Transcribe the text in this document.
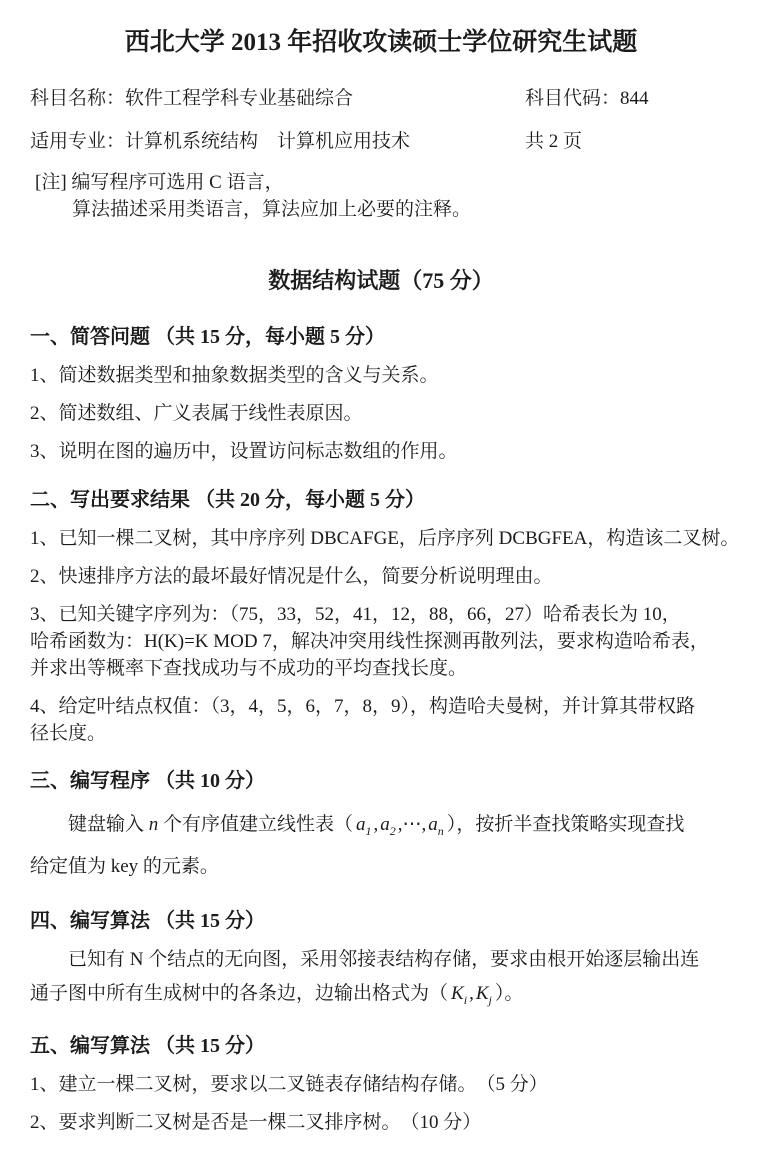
西北大学 2013 年招收攻读硕士学位研究生试题
科目名称：软件工程学科专业基础综合	科目代码：844
适用专业：计算机系统结构　计算机应用技术	共 2 页
[注] 编写程序可选用 C 语言，
算法描述采用类语言，算法应加上必要的注释。
数据结构试题（75 分）
一、简答问题 （共 15 分，每小题 5 分）
1、简述数据类型和抽象数据类型的含义与关系。
2、简述数组、广义表属于线性表原因。
3、说明在图的遍历中，设置访问标志数组的作用。
二、写出要求结果 （共 20 分，每小题 5 分）
1、已知一棵二叉树，其中序序列 DBCAFGE，后序序列 DCBGFEA，构造该二叉树。
2、快速排序方法的最坏最好情况是什么，简要分析说明理由。
3、已知关键字序列为：（75，33，52，41，12，88，66，27）哈希表长为 10，
哈希函数为：H(K)=K MOD 7，解决冲突用线性探测再散列法，要求构造哈希表，
并求出等概率下查找成功与不成功的平均查找长度。
4、给定叶结点权值：（3，4，5，6，7，8，9），构造哈夫曼树，并计算其带权路
径长度。
三、编写程序 （共 10 分）
键盘输入 n 个有序值建立线性表（ $a_1$ , $a_2$ ,⋯, $a_n$ ），按折半查找策略实现查找
给定值为 key 的元素。
四、编写算法 （共 15 分）
已知有 N 个结点的无向图，采用邻接表结构存储，要求由根开始逐层输出连
通子图中所有生成树中的各条边，边输出格式为（ $K_i$ , $K_j$ ）。
五、编写算法 （共 15 分）
1、建立一棵二叉树，要求以二叉链表存储结构存储。　（5 分）
2、要求判断二叉树是否是一棵二叉排序树。　（10 分）
